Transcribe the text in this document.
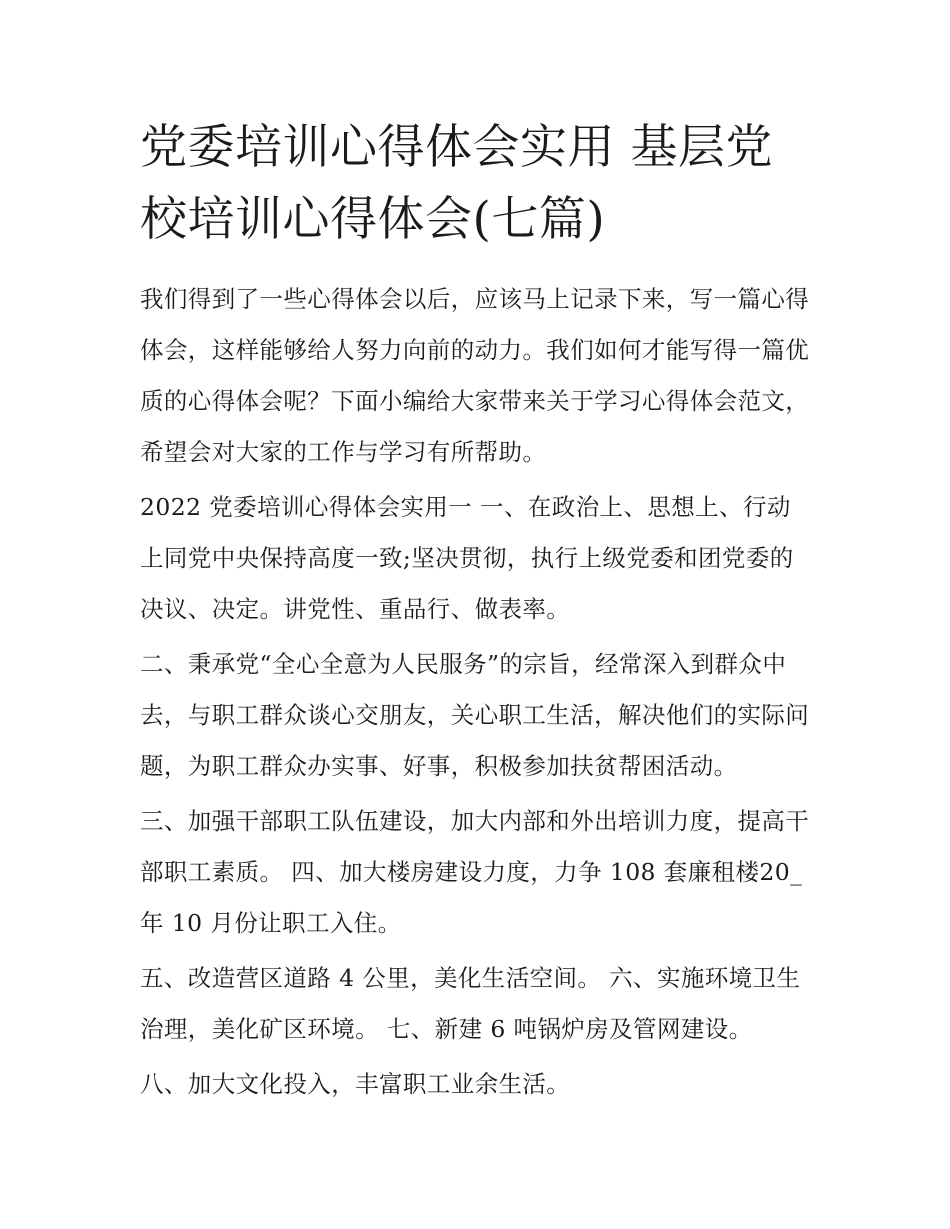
党委培训心得体会实用 基层党校培训心得体会(七篇)

我们得到了一些心得体会以后，应该马上记录下来，写一篇心得体会，这样能够给人努力向前的动力。我们如何才能写得一篇优质的心得体会呢？下面小编给大家带来关于学习心得体会范文，希望会对大家的工作与学习有所帮助。

2022 党委培训心得体会实用一 一、在政治上、思想上、行动上同党中央保持高度一致;坚决贯彻，执行上级党委和团党委的决议、决定。讲党性、重品行、做表率。

二、秉承党“全心全意为人民服务”的宗旨，经常深入到群众中去，与职工群众谈心交朋友，关心职工生活，解决他们的实际问题，为职工群众办实事、好事，积极参加扶贫帮困活动。

三、加强干部职工队伍建设，加大内部和外出培训力度，提高干部职工素质。 四、加大楼房建设力度，力争 108 套廉租楼20_年 10 月份让职工入住。

五、改造营区道路 4 公里，美化生活空间。 六、实施环境卫生治理，美化矿区环境。 七、新建 6 吨锅炉房及管网建设。

八、加大文化投入，丰富职工业余生活。
